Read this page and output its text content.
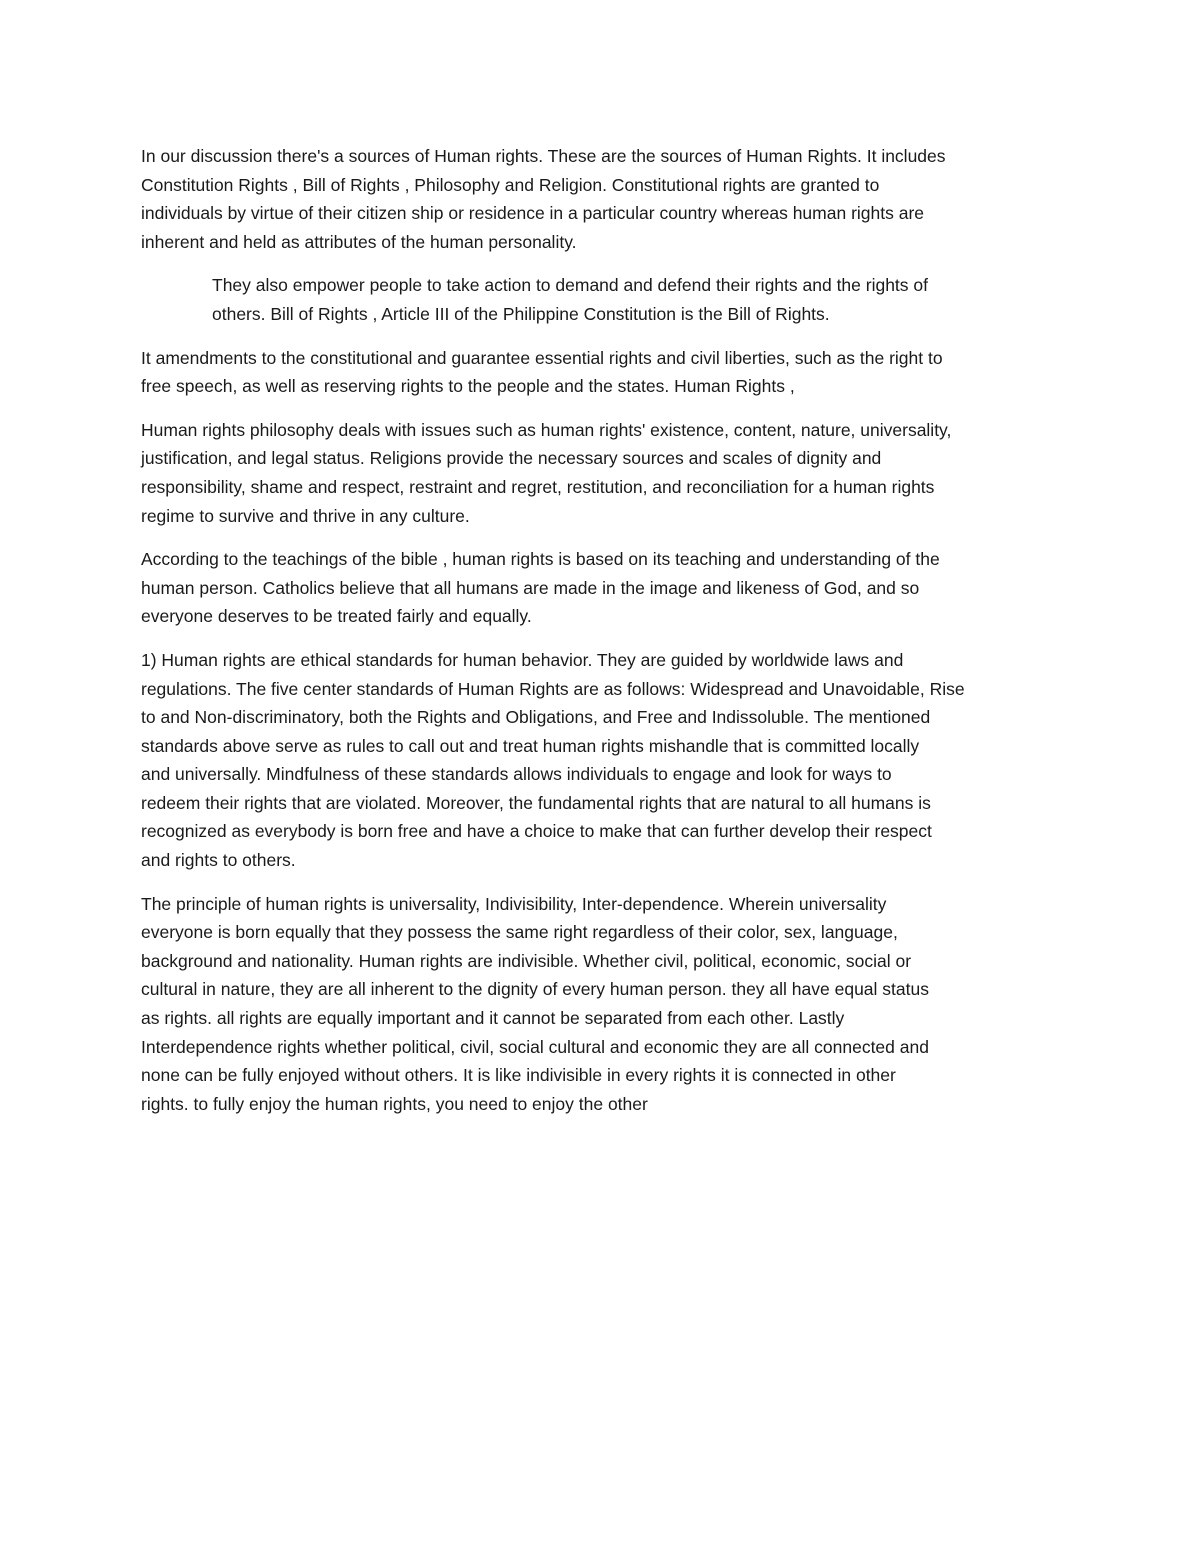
In our discussion there's a sources of Human rights. These are the sources of Human Rights. It includes
Constitution Rights , Bill of Rights , Philosophy and Religion. Constitutional rights are granted to
individuals by virtue of their citizen ship or residence in a particular country whereas human rights are
inherent and held as attributes of the human personality.

They also empower people to take action to demand and defend their rights and the rights of
others. Bill of Rights , Article III of the Philippine Constitution is the Bill of Rights.

It amendments to the constitutional and guarantee essential rights and civil liberties, such as the right to
free speech, as well as reserving rights to the people and the states. Human Rights ,

Human rights philosophy deals with issues such as human rights' existence, content, nature, universality,
justification, and legal status. Religions provide the necessary sources and scales of dignity and
responsibility, shame and respect, restraint and regret, restitution, and reconciliation for a human rights
regime to survive and thrive in any culture.

According to the teachings of the bible , human rights is based on its teaching and understanding of the
human person. Catholics believe that all humans are made in the image and likeness of God, and so
everyone deserves to be treated fairly and equally.

1) Human rights are ethical standards for human behavior. They are guided by worldwide laws and
regulations. The five center standards of Human Rights are as follows: Widespread and Unavoidable, Rise
to and Non-discriminatory, both the Rights and Obligations, and Free and Indissoluble. The mentioned
standards above serve as rules to call out and treat human rights mishandle that is committed locally
and universally. Mindfulness of these standards allows individuals to engage and look for ways to
redeem their rights that are violated. Moreover, the fundamental rights that are natural to all humans is
recognized as everybody is born free and have a choice to make that can further develop their respect
and rights to others.

The principle of human rights is universality, Indivisibility, Inter-dependence. Wherein universality
everyone is born equally that they possess the same right regardless of their color, sex, language,
background and nationality. Human rights are indivisible. Whether civil, political, economic, social or
cultural in nature, they are all inherent to the dignity of every human person. they all have equal status
as rights. all rights are equally important and it cannot be separated from each other. Lastly
Interdependence rights whether political, civil, social cultural and economic they are all connected and
none can be fully enjoyed without others. It is like indivisible in every rights it is connected in other
rights. to fully enjoy the human rights, you need to enjoy the other
